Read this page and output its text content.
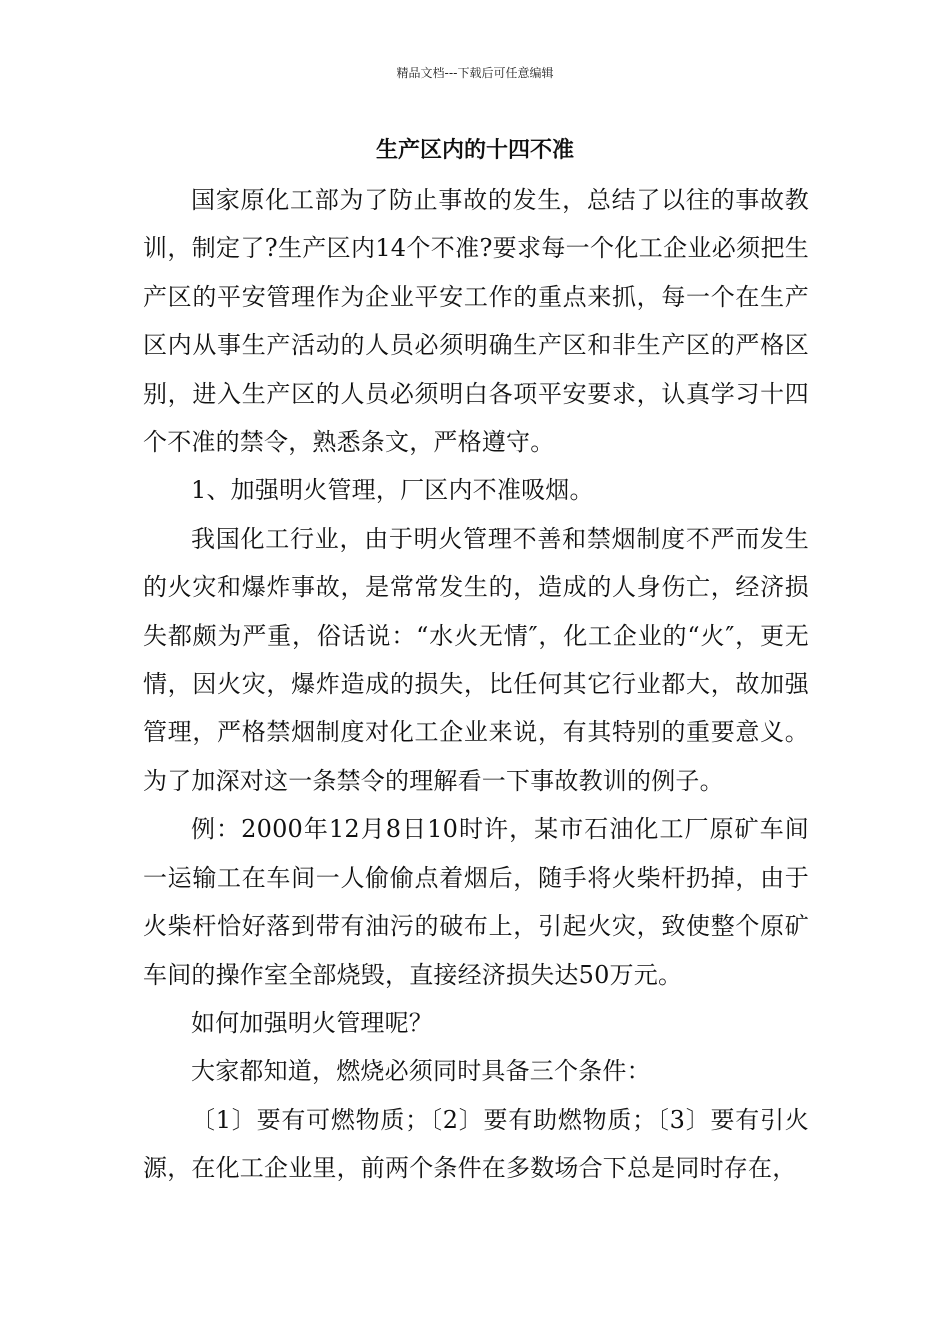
精品文档---下载后可任意编辑
生产区内的十四不准

国家原化工部为了防止事故的发生，总结了以往的事故教训，制定了?生产区内14个不准?要求每一个化工企业必须把生产区的平安管理作为企业平安工作的重点来抓，每一个在生产区内从事生产活动的人员必须明确生产区和非生产区的严格区别，进入生产区的人员必须明白各项平安要求，认真学习十四个不准的禁令，熟悉条文，严格遵守。

1、加强明火管理，厂区内不准吸烟。

我国化工行业，由于明火管理不善和禁烟制度不严而发生的火灾和爆炸事故，是常常发生的，造成的人身伤亡，经济损失都颇为严重，俗话说：“水火无情″，化工企业的“火″，更无情，因火灾，爆炸造成的损失，比任何其它行业都大，故加强管理，严格禁烟制度对化工企业来说，有其特别的重要意义。为了加深对这一条禁令的理解看一下事故教训的例子。

例：2000年12月8日10时许，某市石油化工厂原矿车间一运输工在车间一人偷偷点着烟后，随手将火柴杆扔掉，由于火柴杆恰好落到带有油污的破布上，引起火灾，致使整个原矿车间的操作室全部烧毁，直接经济损失达50万元。

如何加强明火管理呢？

大家都知道，燃烧必须同时具备三个条件：

〔1〕要有可燃物质；〔2〕要有助燃物质；〔3〕要有引火源，在化工企业里，前两个条件在多数场合下总是同时存在，
